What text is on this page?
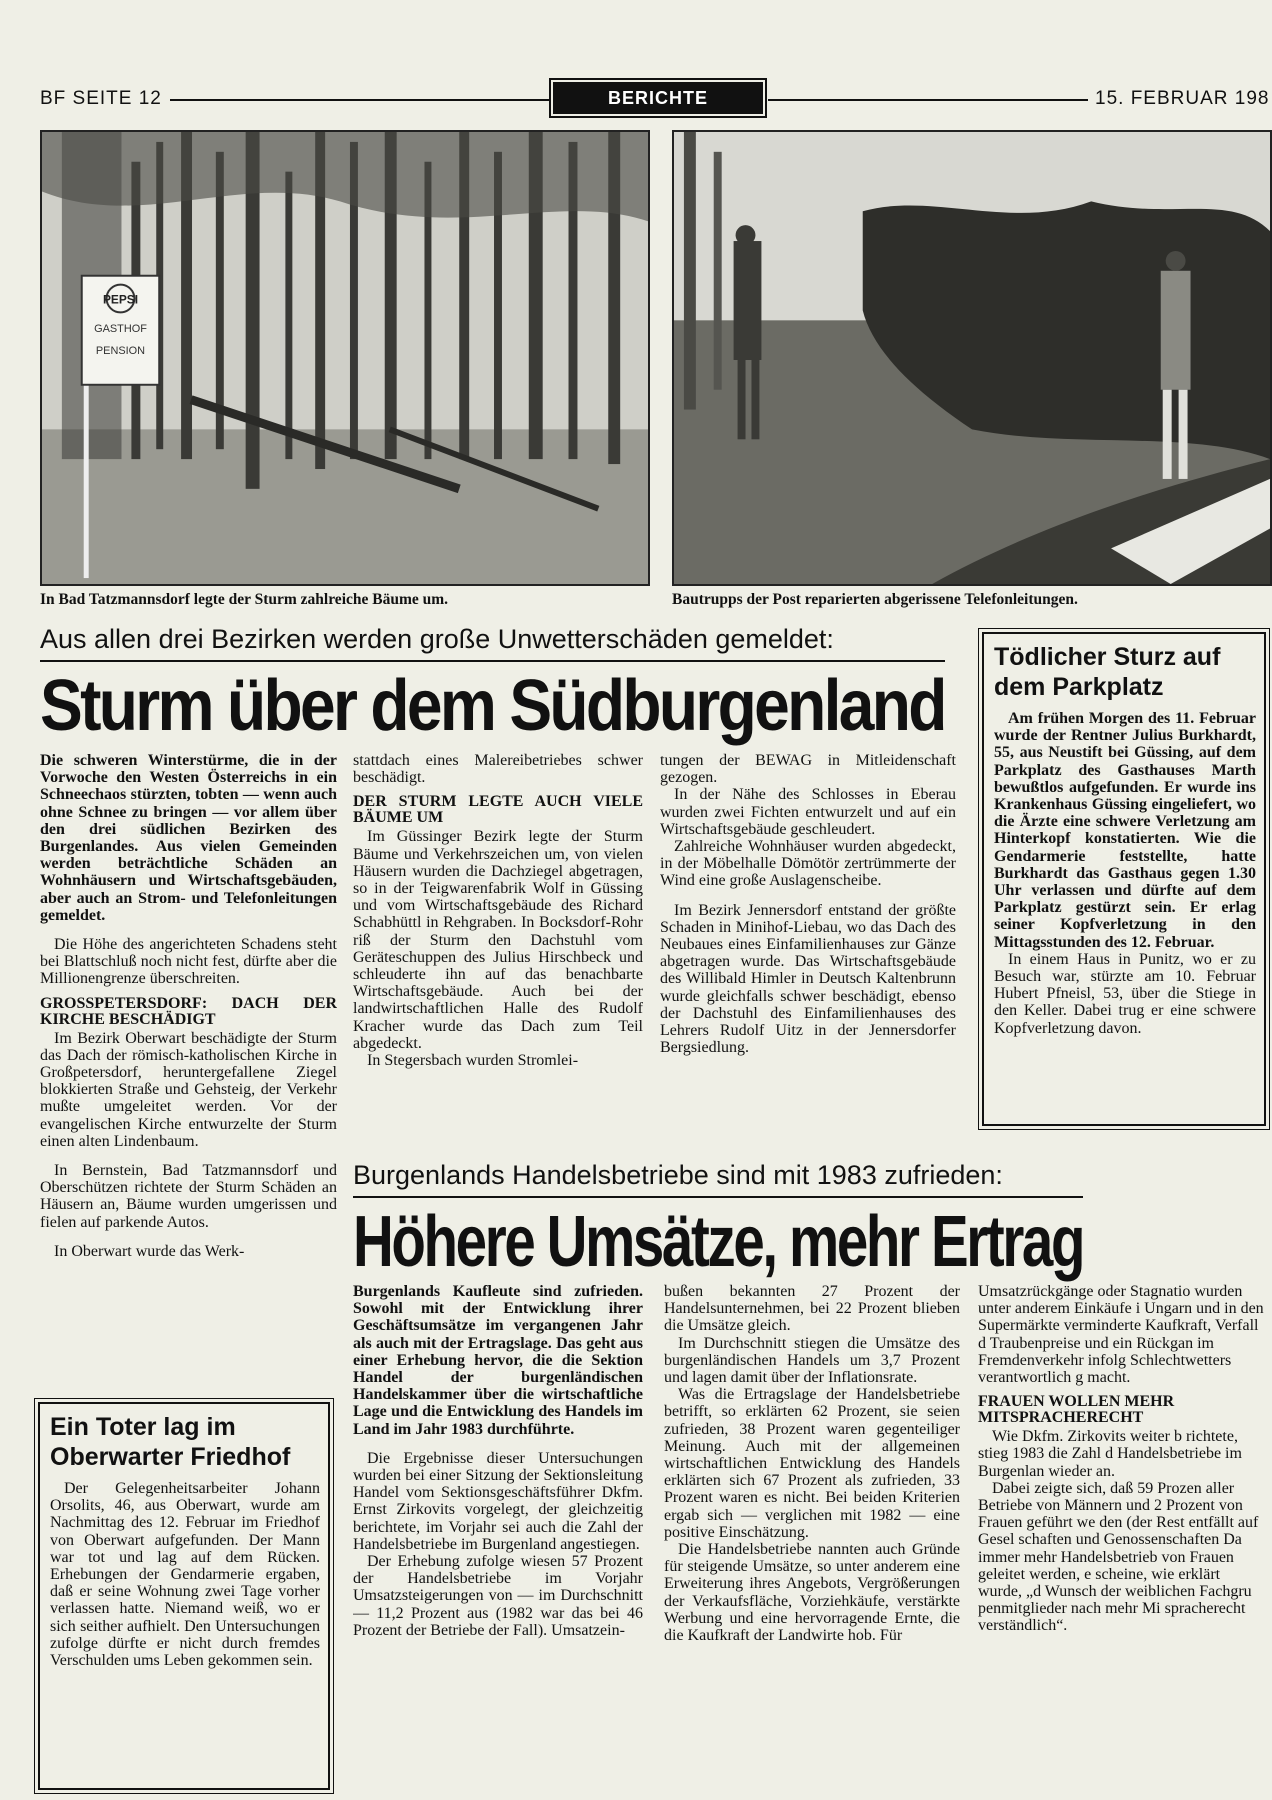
BF SEITE 12	BERICHTE	15. FEBRUAR 198
PEPSI
GASTHOF
PENSION
In Bad Tatzmannsdorf legte der Sturm zahlreiche Bäume um.	Bautrupps der Post reparierten abgerissene Telefonleitungen.
Aus allen drei Bezirken werden große Unwetterschäden gemeldet:
Sturm über dem Südburgenland

Die schweren Winterstürme, die in der Vorwoche den Westen Österreichs in ein Schneechaos stürzten, tobten — wenn auch ohne Schnee zu bringen — vor allem über den drei südlichen Bezirken des Burgenlandes. Aus vielen Gemeinden werden beträchtliche Schäden an Wohnhäusern und Wirtschaftsgebäuden, aber auch an Strom- und Telefonleitungen gemeldet.

Die Höhe des angerichteten Schadens steht bei Blattschluß noch nicht fest, dürfte aber die Millionengrenze überschreiten.

GROSSPETERSDORF: DACH DER KIRCHE BESCHÄDIGT

Im Bezirk Oberwart beschädigte der Sturm das Dach der römisch-katholischen Kirche in Großpetersdorf, heruntergefallene Ziegel blokkierten Straße und Gehsteig, der Verkehr mußte umgeleitet werden. Vor der evangelischen Kirche entwurzelte der Sturm einen alten Lindenbaum.

In Bernstein, Bad Tatzmannsdorf und Oberschützen richtete der Sturm Schäden an Häusern an, Bäume wurden umgerissen und fielen auf parkende Autos.

In Oberwart wurde das Werk-

stattdach eines Malereibetriebes schwer beschädigt.

DER STURM LEGTE AUCH VIELE BÄUME UM

Im Güssinger Bezirk legte der Sturm Bäume und Verkehrszeichen um, von vielen Häusern wurden die Dachziegel abgetragen, so in der Teigwarenfabrik Wolf in Güssing und vom Wirtschaftsgebäude des Richard Schabhüttl in Rehgraben. In Bocksdorf-Rohr riß der Sturm den Dachstuhl vom Geräteschuppen des Julius Hirschbeck und schleuderte ihn auf das benachbarte Wirtschaftsgebäude. Auch bei der landwirtschaftlichen Halle des Rudolf Kracher wurde das Dach zum Teil abgedeckt.

In Stegersbach wurden Stromlei-

tungen der BEWAG in Mitleidenschaft gezogen.

In der Nähe des Schlosses in Eberau wurden zwei Fichten entwurzelt und auf ein Wirtschaftsgebäude geschleudert.

Zahlreiche Wohnhäuser wurden abgedeckt, in der Möbelhalle Dömötör zertrümmerte der Wind eine große Auslagenscheibe.

Im Bezirk Jennersdorf entstand der größte Schaden in Minihof-Liebau, wo das Dach des Neubaues eines Einfamilienhauses zur Gänze abgetragen wurde. Das Wirtschaftsgebäude des Willibald Himler in Deutsch Kaltenbrunn wurde gleichfalls schwer beschädigt, ebenso der Dachstuhl des Einfamilienhauses des Lehrers Rudolf Uitz in der Jennersdorfer Bergsiedlung.

Tödlicher Sturz auf dem Parkplatz

Am frühen Morgen des 11. Februar wurde der Rentner Julius Burkhardt, 55, aus Neustift bei Güssing, auf dem Parkplatz des Gasthauses Marth bewußtlos aufgefunden. Er wurde ins Krankenhaus Güssing eingeliefert, wo die Ärzte eine schwere Verletzung am Hinterkopf konstatierten. Wie die Gendarmerie feststellte, hatte Burkhardt das Gasthaus gegen 1.30 Uhr verlassen und dürfte auf dem Parkplatz gestürzt sein. Er erlag seiner Kopfverletzung in den Mittagsstunden des 12. Februar.

In einem Haus in Punitz, wo er zu Besuch war, stürzte am 10. Februar Hubert Pfneisl, 53, über die Stiege in den Keller. Dabei trug er eine schwere Kopfverletzung davon.

Ein Toter lag im Oberwarter Friedhof

Der Gelegenheitsarbeiter Johann Orsolits, 46, aus Oberwart, wurde am Nachmittag des 12. Februar im Friedhof von Oberwart aufgefunden. Der Mann war tot und lag auf dem Rücken. Erhebungen der Gendarmerie ergaben, daß er seine Wohnung zwei Tage vorher verlassen hatte. Niemand weiß, wo er sich seither aufhielt. Den Untersuchungen zufolge dürfte er nicht durch fremdes Verschulden ums Leben gekommen sein.

Burgenlands Handelsbetriebe sind mit 1983 zufrieden:
Höhere Umsätze, mehr Ertrag

Burgenlands Kaufleute sind zufrieden. Sowohl mit der Entwicklung ihrer Geschäftsumsätze im vergangenen Jahr als auch mit der Ertragslage. Das geht aus einer Erhebung hervor, die die Sektion Handel der burgenländischen Handelskammer über die wirtschaftliche Lage und die Entwicklung des Handels im Land im Jahr 1983 durchführte.

Die Ergebnisse dieser Untersuchungen wurden bei einer Sitzung der Sektionsleitung Handel vom Sektionsgeschäftsführer Dkfm. Ernst Zirkovits vorgelegt, der gleichzeitig berichtete, im Vorjahr sei auch die Zahl der Handelsbetriebe im Burgenland angestiegen.

Der Erhebung zufolge wiesen 57 Prozent der Handelsbetriebe im Vorjahr Umsatzsteigerungen von — im Durchschnitt — 11,2 Prozent aus (1982 war das bei 46 Prozent der Betriebe der Fall). Umsatzein-

bußen bekannten 27 Prozent der Handelsunternehmen, bei 22 Prozent blieben die Umsätze gleich.

Im Durchschnitt stiegen die Umsätze des burgenländischen Handels um 3,7 Prozent und lagen damit über der Inflationsrate.

Was die Ertragslage der Handelsbetriebe betrifft, so erklärten 62 Prozent, sie seien zufrieden, 38 Prozent waren gegenteiliger Meinung. Auch mit der allgemeinen wirtschaftlichen Entwicklung des Handels erklärten sich 67 Prozent als zufrieden, 33 Prozent waren es nicht. Bei beiden Kriterien ergab sich — verglichen mit 1982 — eine positive Einschätzung.

Die Handelsbetriebe nannten auch Gründe für steigende Umsätze, so unter anderem eine Erweiterung ihres Angebots, Vergrößerungen der Verkaufsfläche, Vorziehkäufe, verstärkte Werbung und eine hervorragende Ernte, die die Kaufkraft der Landwirte hob. Für

Umsatzrückgänge oder Stagnatio wurden unter anderem Einkäufe i Ungarn und in den Supermärkte verminderte Kaufkraft, Verfall d Traubenpreise und ein Rückgan im Fremdenverkehr infolg Schlechtwetters verantwortlich g macht.

FRAUEN WOLLEN MEHR MITSPRACHERECHT

Wie Dkfm. Zirkovits weiter b richtete, stieg 1983 die Zahl d Handelsbetriebe im Burgenlan wieder an.

Dabei zeigte sich, daß 59 Prozen aller Betriebe von Männern und 2 Prozent von Frauen geführt we den (der Rest entfällt auf Gesel schaften und Genossenschaften Da immer mehr Handelsbetrieb von Frauen geleitet werden, e scheine, wie erklärt wurde, „d Wunsch der weiblichen Fachgru penmitglieder nach mehr Mi spracherecht verständlich“.
